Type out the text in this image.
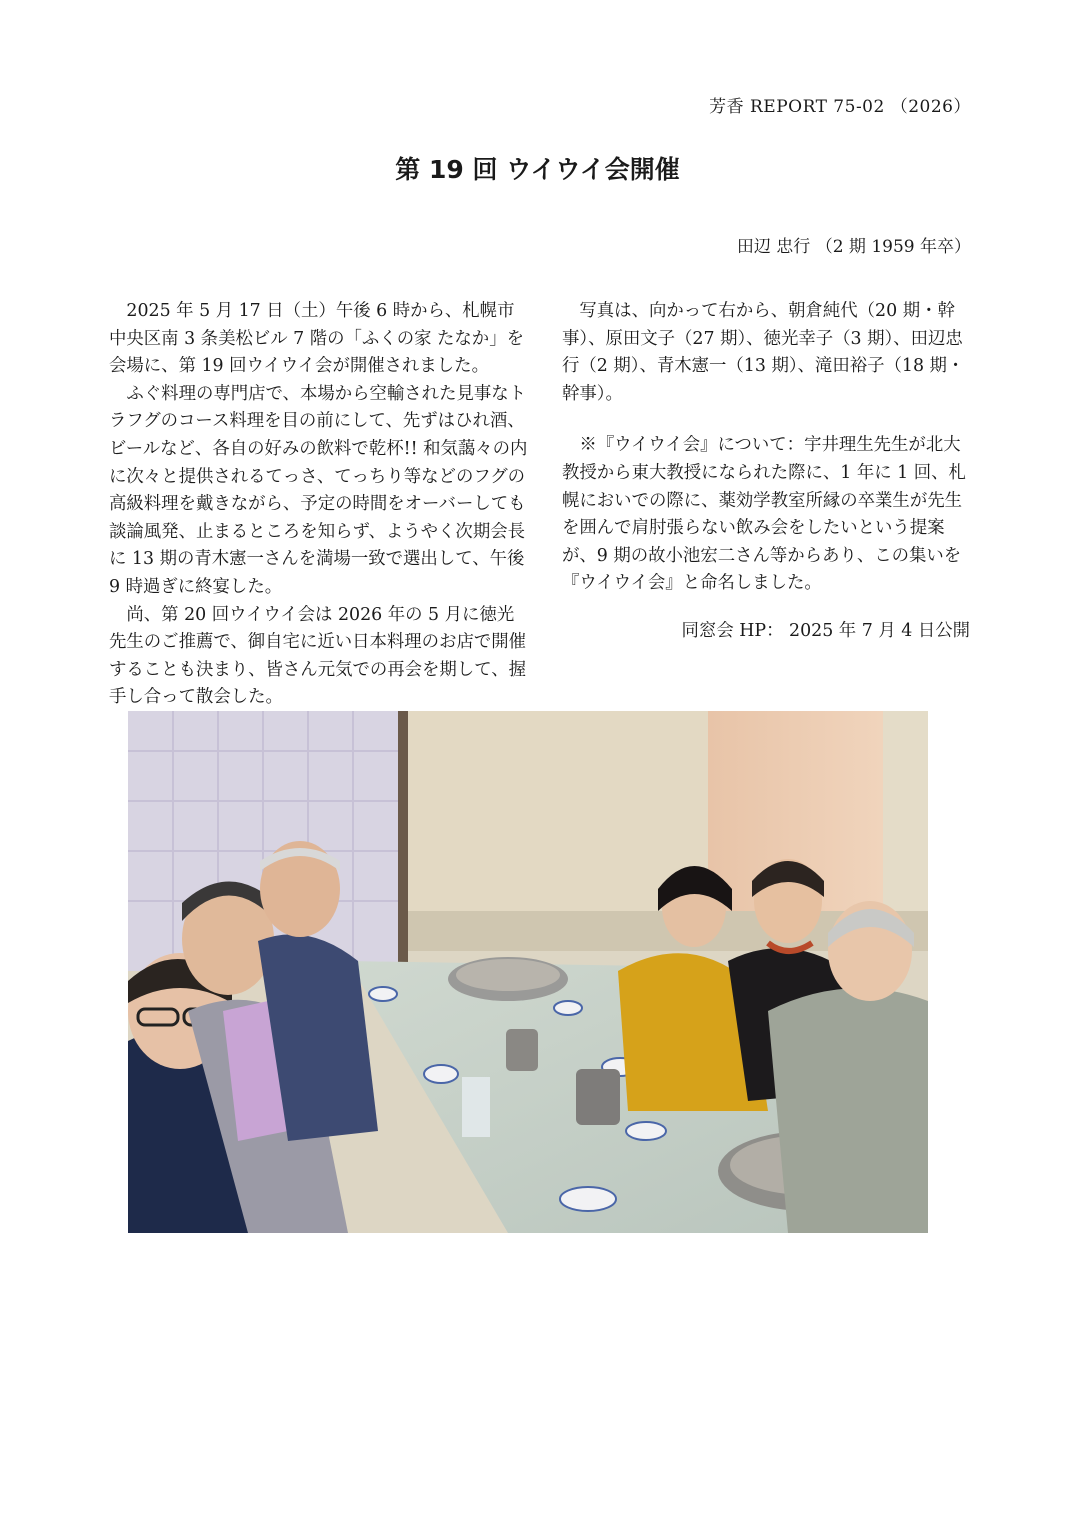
芳香 REPORT 75-02 （2026）
第 19 回 ウイウイ会開催
田辺 忠行 （2 期 1959 年卒）

2025 年 5 月 17 日（土）午後 6 時から、札幌市中央区南 3 条美松ビル 7 階の「ふくの家 たなか」を会場に、第 19 回ウイウイ会が開催されました。

ふぐ料理の専門店で、本場から空輸された見事なトラフグのコース料理を目の前にして、先ずはひれ酒、ビールなど、各自の好みの飲料で乾杯!! 和気藹々の内に次々と提供されるてっさ、てっちり等などのフグの高級料理を戴きながら、予定の時間をオーバーしても談論風発、止まるところを知らず、ようやく次期会長に 13 期の青木憲一さんを満場一致で選出して、午後 9 時過ぎに終宴した。

尚、第 20 回ウイウイ会は 2026 年の 5 月に徳光先生のご推薦で、御自宅に近い日本料理のお店で開催することも決まり、皆さん元気での再会を期して、握手し合って散会した。

写真は、向かって右から、朝倉純代（20 期・幹事）、原田文子（27 期）、徳光幸子（3 期）、田辺忠行（2 期）、青木憲一（13 期）、滝田裕子（18 期・幹事）。

※『ウイウイ会』について：宇井理生先生が北大教授から東大教授になられた際に、1 年に 1 回、札幌においでの際に、薬効学教室所縁の卒業生が先生を囲んで肩肘張らない飲み会をしたいという提案が、9 期の故小池宏二さん等からあり、この集いを『ウイウイ会』と命名しました。

同窓会 HP： 2025 年 7 月 4 日公開
